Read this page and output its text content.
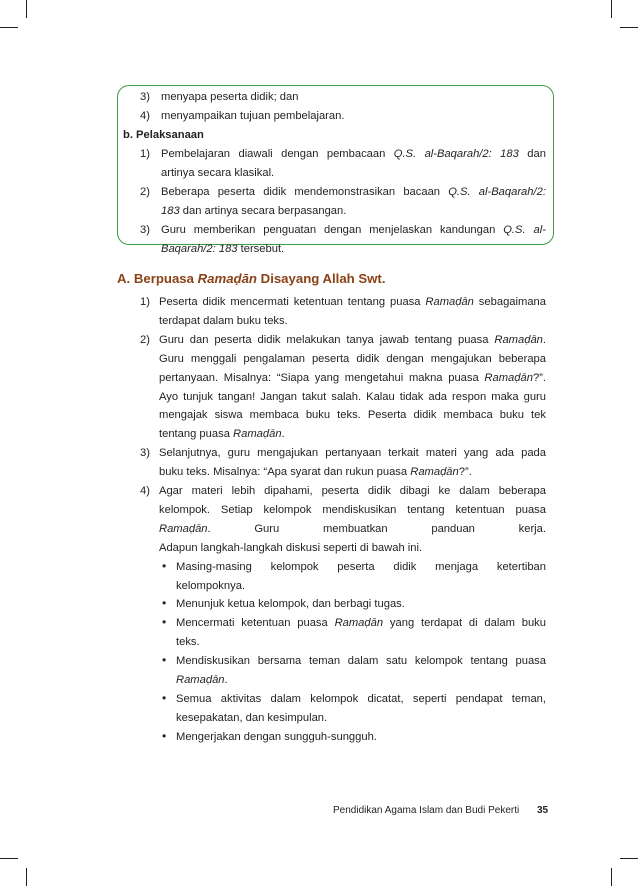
3) menyapa peserta didik; dan
4) menyampaikan tujuan pembelajaran.
b. Pelaksanaan
1) Pembelajaran diawali dengan pembacaan Q.S. al-Baqarah/2: 183 dan
artinya secara klasikal.
2) Beberapa peserta didik mendemonstrasikan bacaan Q.S. al-Baqarah/2:
183 dan artinya secara berpasangan.
3) Guru memberikan penguatan dengan menjelaskan kandungan Q.S. al-
Baqarah/2: 183 tersebut.
A. Berpuasa Ramaḍān Disayang Allah Swt.
1) Peserta didik mencermati ketentuan tentang puasa Ramaḍān sebagaimana
terdapat dalam buku teks.
2) Guru dan peserta didik melakukan tanya jawab tentang puasa Ramaḍān.
Guru menggali pengalaman peserta didik dengan mengajukan beberapa
pertanyaan. Misalnya: “Siapa yang mengetahui makna puasa Ramaḍān?”.
Ayo tunjuk tangan! Jangan takut salah. Kalau tidak ada respon maka guru
mengajak siswa membaca buku teks. Peserta didik membaca buku tek
tentang puasa Ramaḍān.
3) Selanjutnya, guru mengajukan pertanyaan terkait materi yang ada pada
buku teks. Misalnya: “Apa syarat dan rukun puasa Ramaḍān?”.
4) Agar materi lebih dipahami, peserta didik dibagi ke dalam beberapa
kelompok. Setiap kelompok mendiskusikan tentang ketentuan puasa
Ramaḍān. Guru membuatkan panduan kerja.
Adapun langkah-langkah diskusi seperti di bawah ini.
• Masing-masing kelompok peserta didik menjaga ketertiban
kelompoknya.
• Menunjuk ketua kelompok, dan berbagi tugas.
• Mencermati ketentuan puasa Ramaḍān yang terdapat di dalam buku
teks.
• Mendiskusikan bersama teman dalam satu kelompok tentang puasa
Ramaḍān.
• Semua aktivitas dalam kelompok dicatat, seperti pendapat teman,
kesepakatan, dan kesimpulan.
• Mengerjakan dengan sungguh-sungguh.
Pendidikan Agama Islam dan Budi Pekerti 35
